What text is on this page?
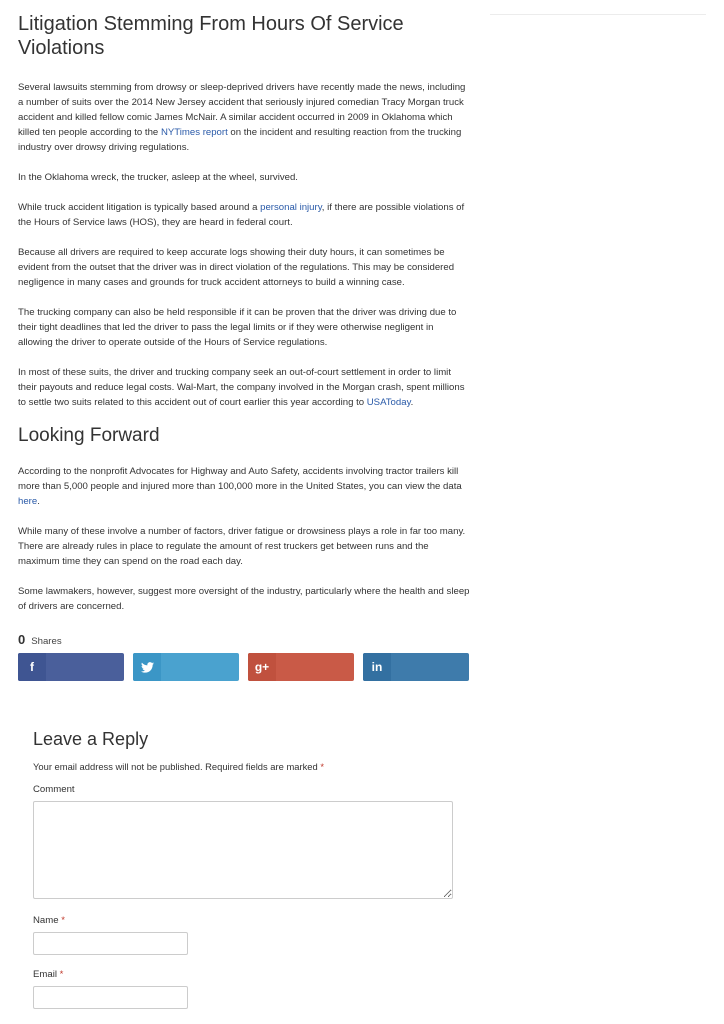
Litigation Stemming From Hours Of Service Violations

Several lawsuits stemming from drowsy or sleep-deprived drivers have recently made the news, including a number of suits over the 2014 New Jersey accident that seriously injured comedian Tracy Morgan truck accident and killed fellow comic James McNair. A similar accident occurred in 2009 in Oklahoma which killed ten people according to the NYTimes report on the incident and resulting reaction from the trucking industry over drowsy driving regulations.

In the Oklahoma wreck, the trucker, asleep at the wheel, survived.

While truck accident litigation is typically based around a personal injury, if there are possible violations of the Hours of Service laws (HOS), they are heard in federal court.

Because all drivers are required to keep accurate logs showing their duty hours, it can sometimes be evident from the outset that the driver was in direct violation of the regulations. This may be considered negligence in many cases and grounds for truck accident attorneys to build a winning case.

The trucking company can also be held responsible if it can be proven that the driver was driving due to their tight deadlines that led the driver to pass the legal limits or if they were otherwise negligent in allowing the driver to operate outside of the Hours of Service regulations.

In most of these suits, the driver and trucking company seek an out-of-court settlement in order to limit their payouts and reduce legal costs. Wal-Mart, the company involved in the Morgan crash, spent millions to settle two suits related to this accident out of court earlier this year according to USAToday.

Looking Forward

According to the nonprofit Advocates for Highway and Auto Safety, accidents involving tractor trailers kill more than 5,000 people and injured more than 100,000 more in the United States, you can view the data here.

While many of these involve a number of factors, driver fatigue or drowsiness plays a role in far too many. There are already rules in place to regulate the amount of rest truckers get between runs and the maximum time they can spend on the road each day.

Some lawmakers, however, suggest more oversight of the industry, particularly where the health and sleep of drivers are concerned.

0 Shares
f	g+	in
Leave a Reply
Your email address will not be published. Required fields are marked *
Comment
Name *
Email *
